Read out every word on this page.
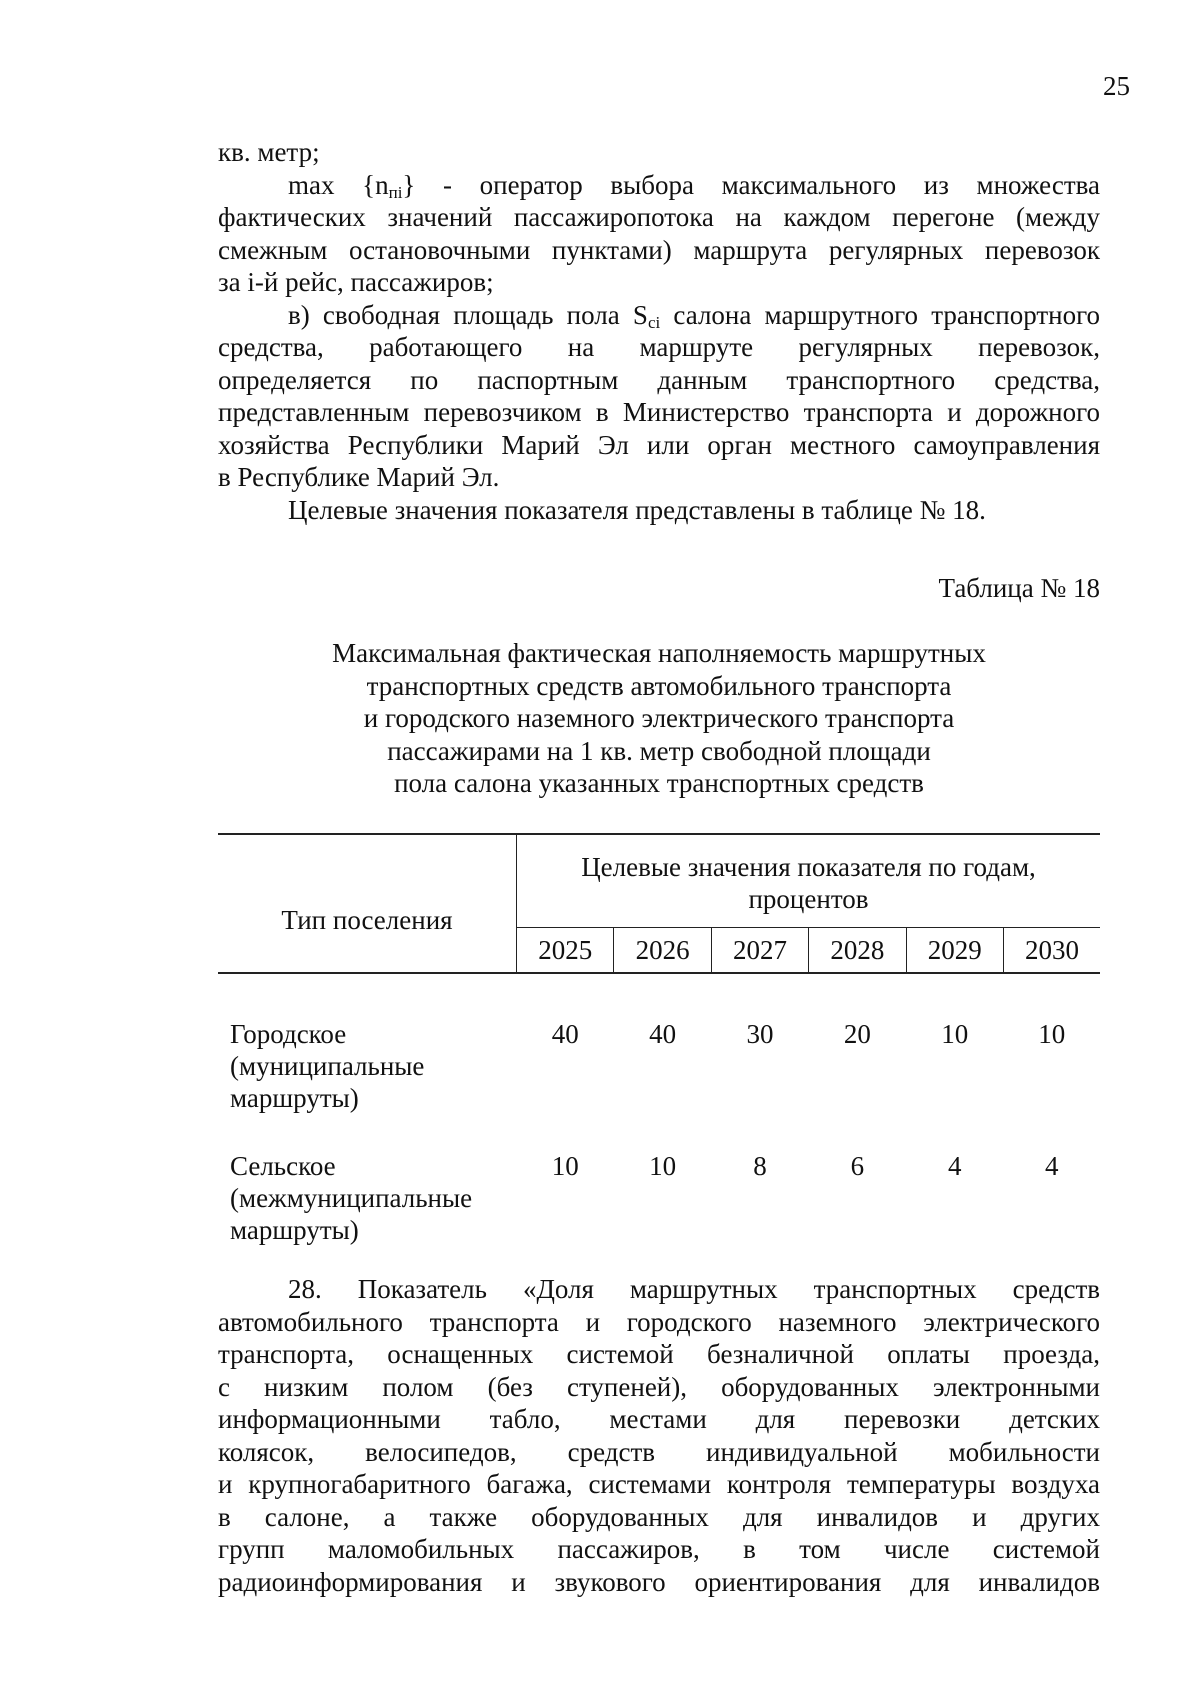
25

кв. метр;

$\max \{n_{пi}\}$ - оператор выбора максимального из множества

фактических значений пассажиропотока на каждом перегоне (между

смежным остановочными пунктами) маршрута регулярных перевозок

за i-й рейс, пассажиров;

в) свободная площадь пола $S_{ci}$ салона маршрутного транспортного

средства, работающего на маршруте регулярных перевозок,

определяется по паспортным данным транспортного средства,

представленным перевозчиком в Министерство транспорта и дорожного

хозяйства Республики Марий Эл или орган местного самоуправления

в Республике Марий Эл.

Целевые значения показателя представлены в таблице № 18.

Таблица № 18
Максимальная фактическая наполняемость маршрутных
транспортных средств автомобильного транспорта
и городского наземного электрического транспорта
пассажирами на 1 кв. метр свободной площади
пола салона указанных транспортных средств
Тип поселения	Целевые значения показателя по годам,
процентов					
	2025	2026	2027	2028	2029	2030

Городское
(муниципальные
маршруты)	40	40	30	20	10	10

Сельское
(межмуниципальные
маршруты)	10	10	8	6	4	4

28. Показатель «Доля маршрутных транспортных средств

автомобильного транспорта и городского наземного электрического

транспорта, оснащенных системой безналичной оплаты проезда,

с низким полом (без ступеней), оборудованных электронными

информационными табло, местами для перевозки детских

колясок, велосипедов, средств индивидуальной мобильности

и крупногабаритного багажа, системами контроля температуры воздуха

в салоне, а также оборудованных для инвалидов и других

групп маломобильных пассажиров, в том числе системой

радиоинформирования и звукового ориентирования для инвалидов
